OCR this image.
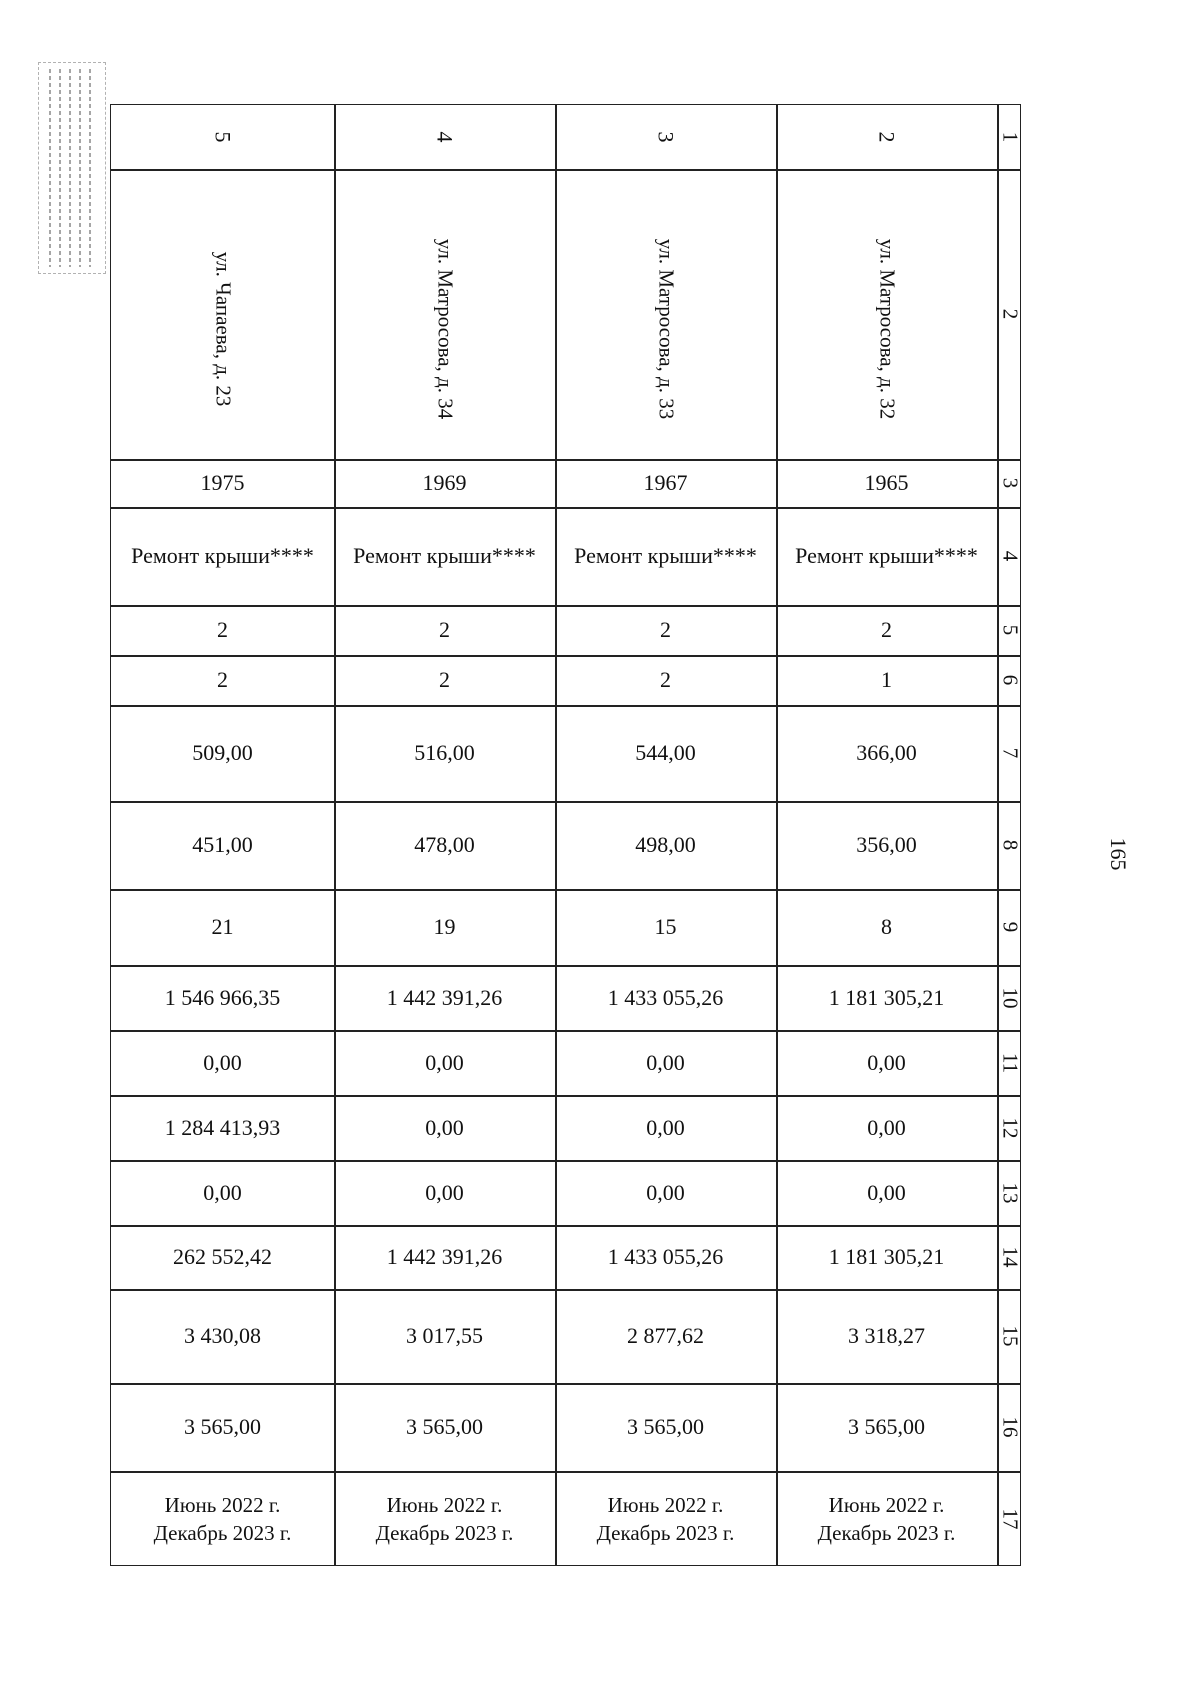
165
5
ул. Чапаева, д. 23
1975
Ремонт крыши****
2
2
509,00
451,00
21
1 546 966,35
0,00
1 284 413,93
0,00
262 552,42
3 430,08
3 565,00
Июнь 2022 г.
Декабрь 2023 г.
4
ул. Матросова, д. 34
1969
Ремонт крыши****
2
2
516,00
478,00
19
1 442 391,26
0,00
0,00
0,00
1 442 391,26
3 017,55
3 565,00
Июнь 2022 г.
Декабрь 2023 г.
3
ул. Матросова, д. 33
1967
Ремонт крыши****
2
2
544,00
498,00
15
1 433 055,26
0,00
0,00
0,00
1 433 055,26
2 877,62
3 565,00
Июнь 2022 г.
Декабрь 2023 г.
2
ул. Матросова, д. 32
1965
Ремонт крыши****
2
1
366,00
356,00
8
1 181 305,21
0,00
0,00
0,00
1 181 305,21
3 318,27
3 565,00
Июнь 2022 г.
Декабрь 2023 г.
1
2
3
4
5
6
7
8
9
10
11
12
13
14
15
16
17
